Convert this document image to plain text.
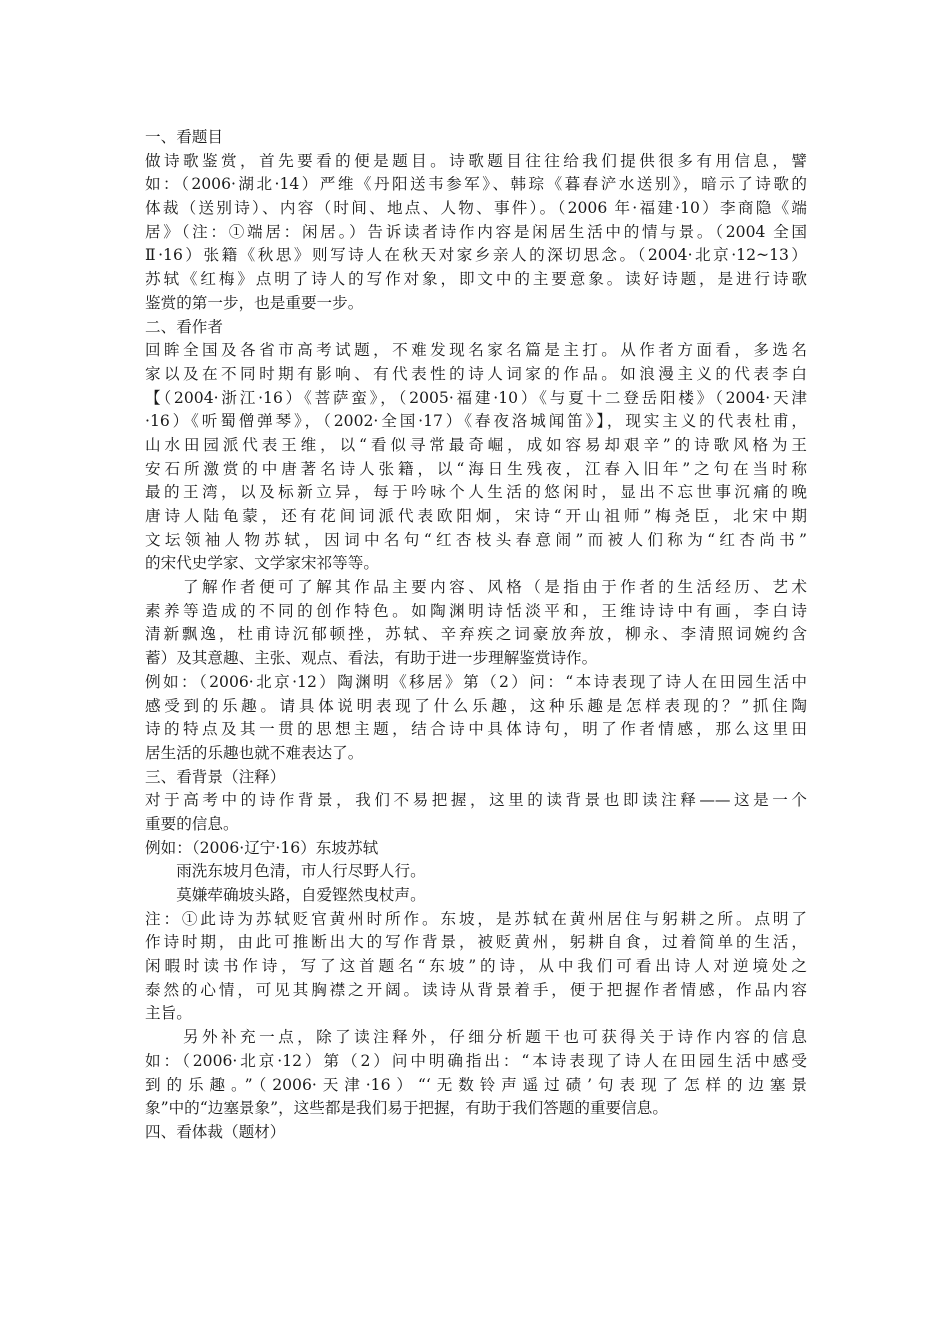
一、看题目
做诗歌鉴赏，首先要看的便是题目。诗歌题目往往给我们提供很多有用信息，譬
如：（2006·湖北·14）严维《丹阳送韦参军》、韩琮《暮春浐水送别》，暗示了诗歌的
体裁（送别诗）、内容（时间、地点、人物、事件）。（2006 年·福建·10）李商隐《端
居》（注：①端居：闲居。）告诉读者诗作内容是闲居生活中的情与景。（2004 全国
Ⅱ·16）张籍《秋思》则写诗人在秋天对家乡亲人的深切思念。（2004·北京·12~13）
苏轼《红梅》点明了诗人的写作对象，即文中的主要意象。读好诗题，是进行诗歌
鉴赏的第一步，也是重要一步。
二、看作者
回眸全国及各省市高考试题，不难发现名家名篇是主打。从作者方面看，多选名
家以及在不同时期有影响、有代表性的诗人词家的作品。如浪漫主义的代表李白
【（2004·浙江·16）《菩萨蛮》，（2005·福建·10）《与夏十二登岳阳楼》（2004·天津
·16）《听蜀僧弹琴》，（2002·全国·17）《春夜洛城闻笛》】，现实主义的代表杜甫，
山水田园派代表王维，以“看似寻常最奇崛，成如容易却艰辛”的诗歌风格为王
安石所激赏的中唐著名诗人张籍，以“海日生残夜，江春入旧年”之句在当时称
最的王湾，以及标新立异，每于吟咏个人生活的悠闲时，显出不忘世事沉痛的晚
唐诗人陆龟蒙，还有花间词派代表欧阳炯，宋诗“开山祖师”梅尧臣，北宋中期
文坛领袖人物苏轼，因词中名句“红杏枝头春意闹”而被人们称为“红杏尚书”
的宋代史学家、文学家宋祁等等。
　　了解作者便可了解其作品主要内容、风格（是指由于作者的生活经历、艺术
素养等造成的不同的创作特色。如陶渊明诗恬淡平和，王维诗诗中有画，李白诗
清新飘逸，杜甫诗沉郁顿挫，苏轼、辛弃疾之词豪放奔放，柳永、李清照词婉约含
蓄）及其意趣、主张、观点、看法，有助于进一步理解鉴赏诗作。
例如：（2006·北京·12）陶渊明《移居》第（2）问：“本诗表现了诗人在田园生活中
感受到的乐趣。请具体说明表现了什么乐趣，这种乐趣是怎样表现的？”抓住陶
诗的特点及其一贯的思想主题，结合诗中具体诗句，明了作者情感，那么这里田
居生活的乐趣也就不难表达了。
三、看背景（注释）
对于高考中的诗作背景，我们不易把握，这里的读背景也即读注释——这是一个
重要的信息。
例如：（2006·辽宁·16）东坡苏轼
　　雨洗东坡月色清，市人行尽野人行。
　　莫嫌荦确坡头路，自爱铿然曳杖声。
注：①此诗为苏轼贬官黄州时所作。东坡，是苏轼在黄州居住与躬耕之所。点明了
作诗时期，由此可推断出大的写作背景，被贬黄州，躬耕自食，过着简单的生活，
闲暇时读书作诗，写了这首题名“东坡”的诗，从中我们可看出诗人对逆境处之
泰然的心情，可见其胸襟之开阔。读诗从背景着手，便于把握作者情感，作品内容
主旨。
　　另外补充一点，除了读注释外，仔细分析题干也可获得关于诗作内容的信息
如：（2006·北京·12）第（2）问中明确指出：“本诗表现了诗人在田园生活中感受
到的乐趣。”（2006·天津·16）“‘无数铃声遥过碛’句表现了怎样的边塞景
象”中的“边塞景象”，这些都是我们易于把握，有助于我们答题的重要信息。
四、看体裁（题材）
